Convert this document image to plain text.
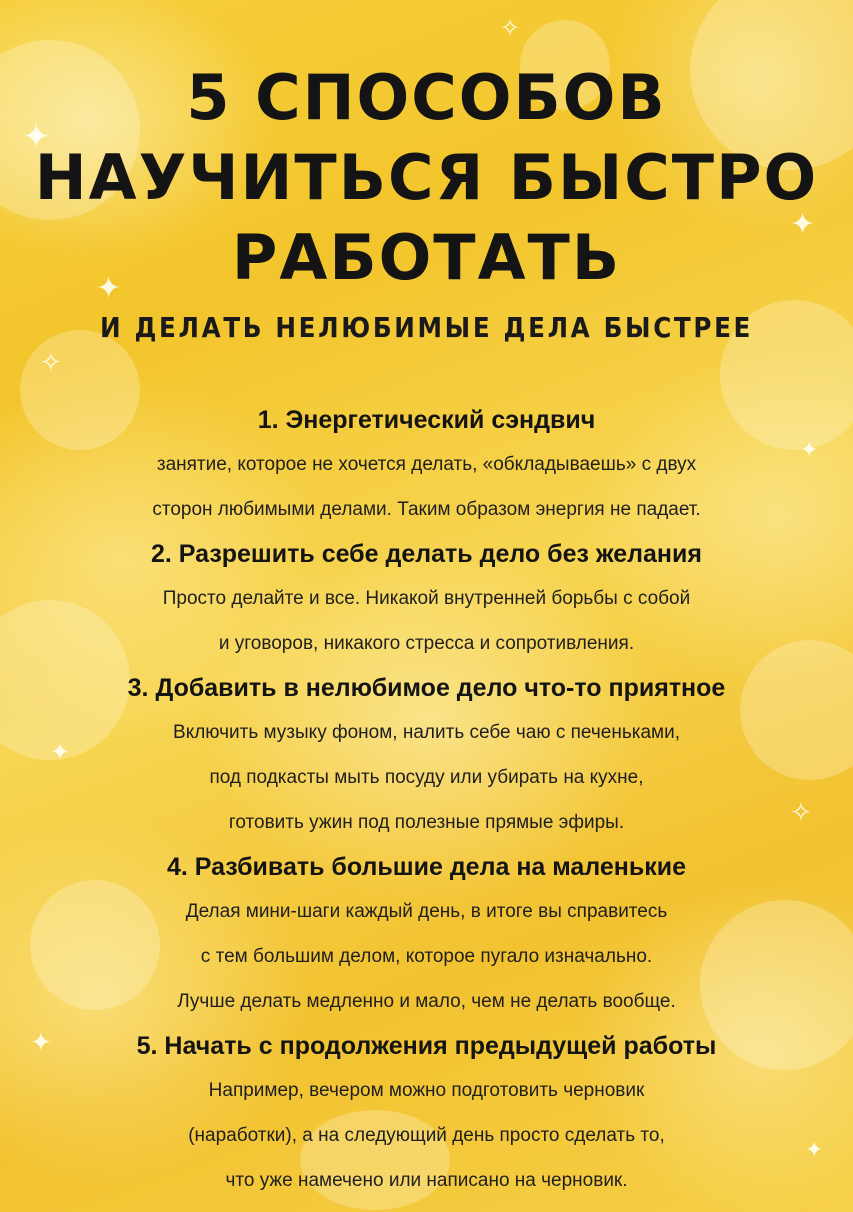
✦
✦
✦
✧
✦
✦
✧
✦
✦
✧
5 СПОСОБОВ
НАУЧИТЬСЯ БЫСТРО
РАБОТАТЬ
И ДЕЛАТЬ НЕЛЮБИМЫЕ ДЕЛА БЫСТРЕЕ

1. Энергетический сэндвич

занятие, которое не хочется делать, «обкладываешь» с двух

сторон любимыми делами. Таким образом энергия не падает.

2. Разрешить себе делать дело без желания

Просто делайте и все. Никакой внутренней борьбы с собой

и уговоров, никакого стресса и сопротивления.

3. Добавить в нелюбимое дело что-то приятное

Включить музыку фоном, налить себе чаю с печеньками,

под подкасты мыть посуду или убирать на кухне,

готовить ужин под полезные прямые эфиры.

4. Разбивать большие дела на маленькие

Делая мини-шаги каждый день, в итоге вы справитесь

с тем большим делом, которое пугало изначально.

Лучше делать медленно и мало, чем не делать вообще.

5. Начать с продолжения предыдущей работы

Например, вечером можно подготовить черновик

(наработки), а на следующий день просто сделать то,

что уже намечено или написано на черновик.
